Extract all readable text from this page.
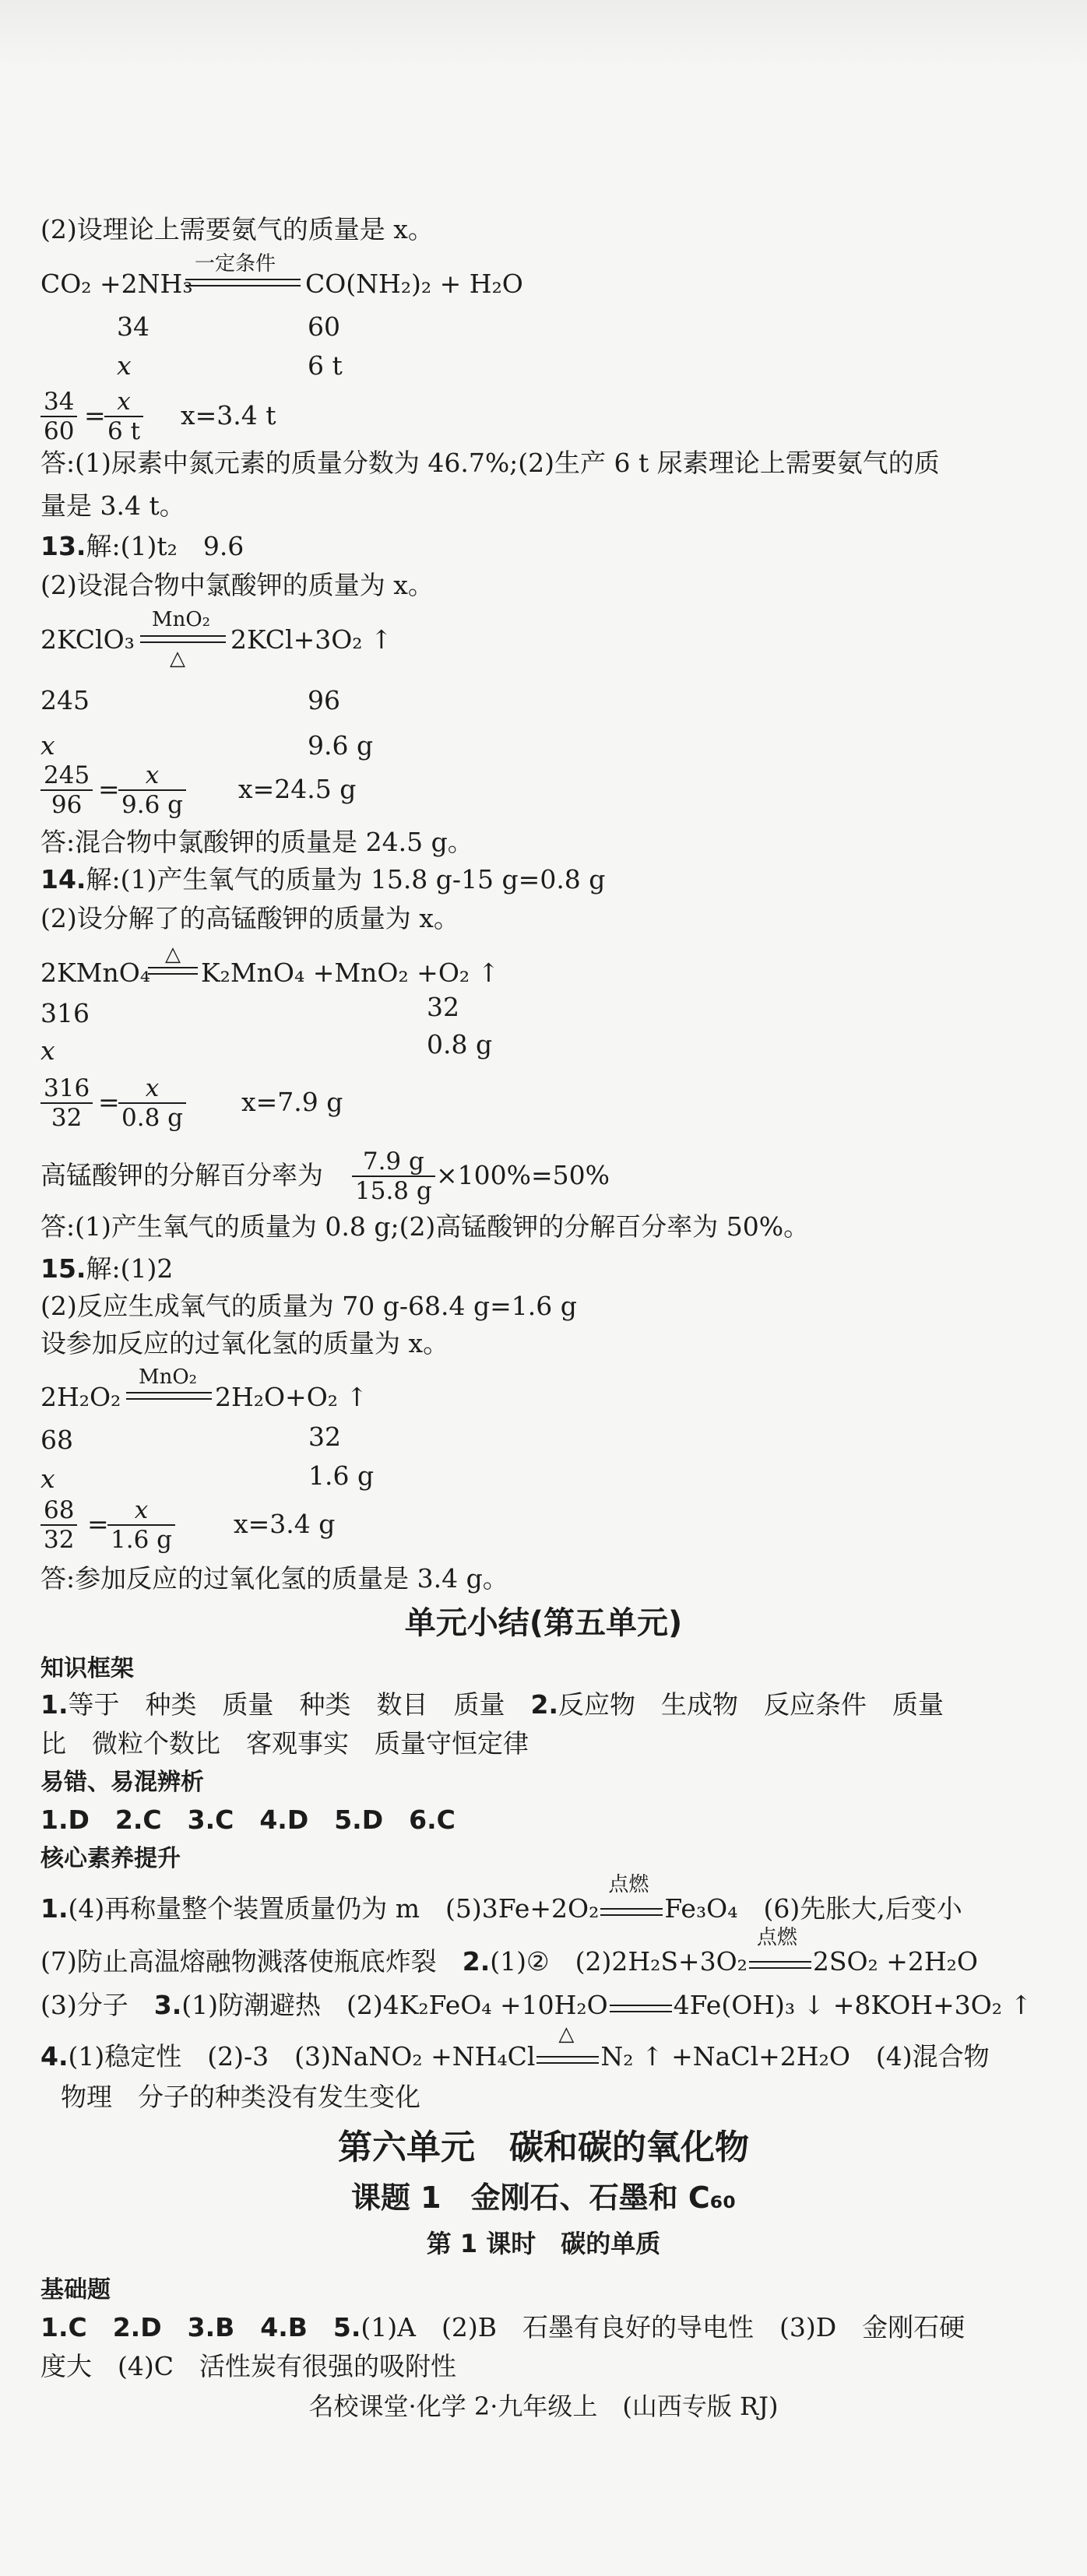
(2)设理论上需要氨气的质量是 x。
一定条件
CO₂ +2NH₃	CO(NH₂)₂ + H₂O
34	60
x	6 t
$\frac{34}{60}$ =
$\frac{x}{6 t} x=3.4$ t
答:(1)尿素中氮元素的质量分数为 46.7%;(2)生产 6 t 尿素理论上需要氨气的质
量是 3.4 t。
13.解:(1)t₂　9.6
(2)设混合物中氯酸钾的质量为 x。
MnO₂
△
2KClO₃	2KCl+3O₂ ↑
245	96
x	9.6 g
$\frac{245}{96}$ =
$\frac{x}{9.6 g} x=24.5$ g
答:混合物中氯酸钾的质量是 24.5 g。
14.解:(1)产生氧气的质量为 15.8 g-15 g=0.8 g
(2)设分解了的高锰酸钾的质量为 x。
△
2KMnO₄ K₂MnO₄ +MnO₂ +O₂ ↑
316	32
x	0.8 g
$\frac{316}{32}$ =
$\frac{x}{0.8 g} x=7.9$ g
高锰酸钾的分解百分率为 $\frac{7.9 g}{15.8 g} \times 100\%=50\%$
答:(1)产生氧气的质量为 0.8 g;(2)高锰酸钾的分解百分率为 50%。
15.解:(1)2
(2)反应生成氧气的质量为 70 g-68.4 g=1.6 g
设参加反应的过氧化氢的质量为 x。
MnO₂
2H₂O₂	2H₂O+O₂ ↑
68	32
x	1.6 g
$\frac{68}{32}$ =
$\frac{x}{1.6 g} x=3.4$ g
答:参加反应的过氧化氢的质量是 3.4 g。
单元小结(第五单元)
知识框架
1.等于　种类　质量　种类　数目　质量　 2.反应物　生成物　反应条件　质量
比　微粒个数比　客观事实　质量守恒定律
易错、易混辨析
1.D　2.C　3.C　4.D　5.D　6.C
核心素养提升
1.(4)再称量整个装置质量仍为 m　(5)3Fe+2O₂
点燃
Fe₃O₄　(6)先胀大,后变小
(7)防止高温熔融物溅落使瓶底炸裂　2.(1)②　(2)2H₂S+3O₂
点燃
2SO₂ +2H₂O
(3)分子　3.(1)防潮避热　(2)4K₂FeO₄ +10H₂O	4Fe(OH)₃ ↓ +8KOH+3O₂ ↑
4.(1)稳定性　(2)-3　(3)NaNO₂ +NH₄Cl
△
N₂ ↑ +NaCl+2H₂O　(4)混合物
物理　分子的种类没有发生变化
第六单元　碳和碳的氧化物
课题 1　金刚石、石墨和 C₆₀
第 1 课时　碳的单质
基础题
1.C　2.D　3.B　4.B　5.(1)A　(2)B　石墨有良好的导电性　(3)D　金刚石硬
度大　(4)C　活性炭有很强的吸附性
名校课堂·化学 2·九年级上　(山西专版 RJ)
